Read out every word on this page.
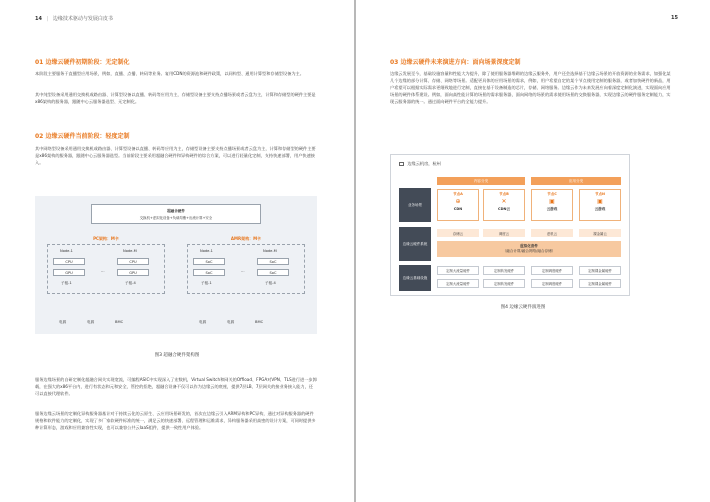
14 | 边缘技术驱动与发展白皮书
01 边缘云硬件初期阶段：无定制化
本阶段主要服务于直播型应用场景，例如，直播、点播、转码等业务。复用CDN的资源池和硬件政策，以同构型、通用计算型和存储型设备为主。
其中纯型设备采用通用交换机或路由器、计算型设备以直播、转码等应用为主，存储型设备主要支持点播场景或者云盘为主，计算和存储型的硬件主要是x86架构的服务器，跟随中心云服务器选型、无定制化。
02 边缘云硬件当前阶段：轻度定制
其中网络型设备采用通用交换机或路由器、计算型设备以直播、转码等应用为主，存储型设备主要支持点播场景或者云盘为主，计算和存储型的硬件主要是x86架构的服务器，跟随中心云服务器选型。当前阶段主要采用超融合硬件和异构硬件的综合方案，可以进行轻量化定制，支持快速部署，用户快速接入。
超融合硬件
交换机+虚拟化设备+负载均衡+出流计算+安全
PC架构：M卡
Node-1
CPU
GPU
子板-1
…
Node-M
CPU
GPU
子板-4
电源	电源	BMC
AMR架构：M卡
Node-1
SoC
SoC
子板-1
…
Node-M
SoC
SoC
子板-4
电源	电源	BMC
图3 超融合硬件架构图
服务边缘场景的自研定制化超融合网关实现宽流，可编程ASIC中实现深入了宏数机，Virtual Switch和网关的Offload、FPGA对VPN、TLS进行进一步卸载，在强大的x86平台内，进行有状态和元和安全，管控的拒绝，超融合设备不仅可以作为边缘云的底座，提供7层LB、7层网关的接业务接入能力，还可以直接代理软件。
服务边缘云场景的定制化异构服务器基计对于持续云化的云原生、云应用场景研发的，首次在边缘云引入ARM异构和PC异构，通过对异构服务器的硬件规格和软件能力的定制化，实现了多厂家软硬件标准的统一，满足云的快速部署、远程管理和运维需求，异构服务器采用高密的设计方案，可同时提供多种计算形态，游戏和应用兼容性实现，也可以兼容公共云IaaS组件，提供一致性用户体验。
15
03 边缘云硬件未来演进方向：面向场景深度定制
边缘云发展至今，基础设施容量和性能大为提升，除了使用服务器堆砌的边缘云服务外，用户还会选择基于边缘云场景的开放资源的业务需求，如强化某几个边缘的部分计算、存储、网络等场景。适配更具体的应用场景的需求，例如，用户希望自定的某个节点使用定制的服务器，或者加快硬件的新品，用户希望可以根据实际需求更细致地进行定制，直接在基于设备制造的芯片，存储、网络服务。边缘云作为未来发展应向着深度定制化演进，实现面向应用场景的硬件体系建设。例如，面向高性能计算的场景的需求服务器，面向网络的场景的需求使用场景的交换服务器，实现边缘云的硬件服务定制能力，实现云服务器的统一。通过面向硬件平台的全能力提升。
边缘云机房，杭州
内容分发	应用分发
业务场景
边缘云硬件系统
边缘云基础设施
节点A
⊕
CDN
节点B
✕
CDN云
节点C
▣
云游戏
节点N
▣
云游戏
存储云	调度云	虚机云	裸金属云
虚拟化套件
（融合计算/融合网络/融合存储）
定制大流量硬件	定制转发硬件	定制调度硬件	定制裸金属硬件
定制大流量硬件	定制转发硬件	定制调度硬件	定制裸金属硬件
图4 边缘云硬件演进图
